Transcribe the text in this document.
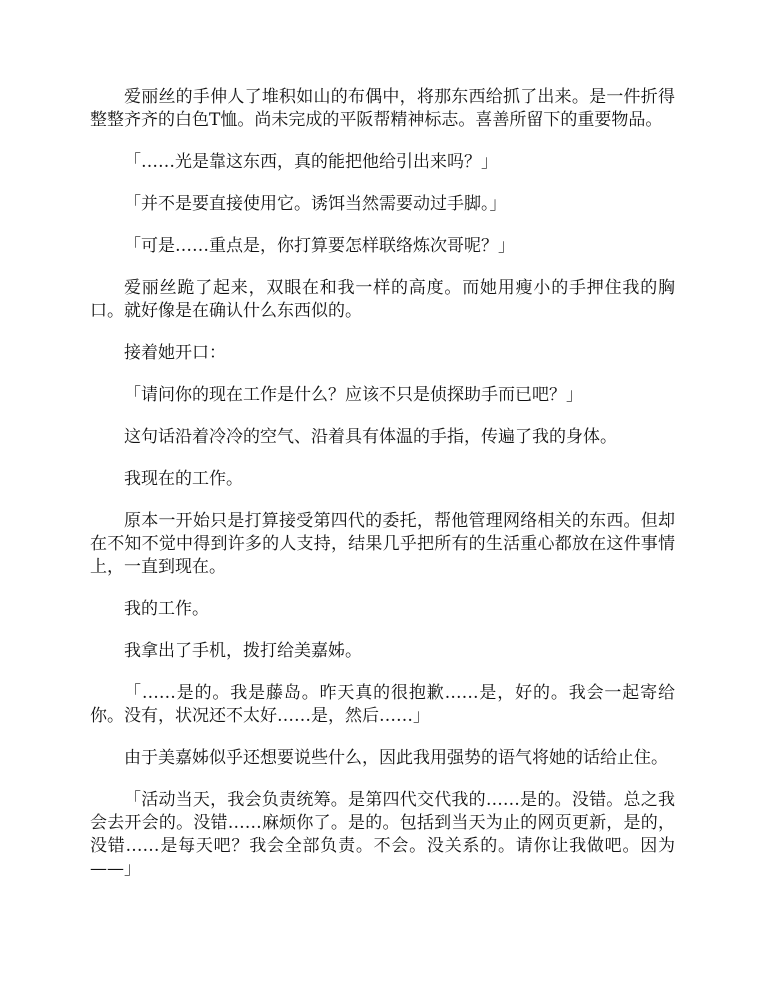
爱丽丝的手伸人了堆积如山的布偶中，将那东西给抓了出来。是一件折得整整齐齐的白色T恤。尚未完成的平阪帮精神标志。喜善所留下的重要物品。

「……光是靠这东西，真的能把他给引出来吗？」

「并不是要直接使用它。诱饵当然需要动过手脚。」

「可是……重点是，你打算要怎样联络炼次哥呢？」

爱丽丝跪了起来，双眼在和我一样的高度。而她用瘦小的手押住我的胸口。就好像是在确认什么东西似的。

接着她开口：

「请问你的现在工作是什么？应该不只是侦探助手而已吧？」

这句话沿着冷冷的空气、沿着具有体温的手指，传遍了我的身体。

我现在的工作。

原本一开始只是打算接受第四代的委托，帮他管理网络相关的东西。但却在不知不觉中得到许多的人支持，结果几乎把所有的生活重心都放在这件事情上，一直到现在。

我的工作。

我拿出了手机，拨打给美嘉姊。

「……是的。我是藤岛。昨天真的很抱歉……是，好的。我会一起寄给你。没有，状况还不太好……是，然后……」

由于美嘉姊似乎还想要说些什么，因此我用强势的语气将她的话给止住。

「活动当天，我会负责统筹。是第四代交代我的……是的。没错。总之我会去开会的。没错……麻烦你了。是的。包括到当天为止的网页更新，是的，没错……是每天吧？我会全部负责。不会。没关系的。请你让我做吧。因为——」
